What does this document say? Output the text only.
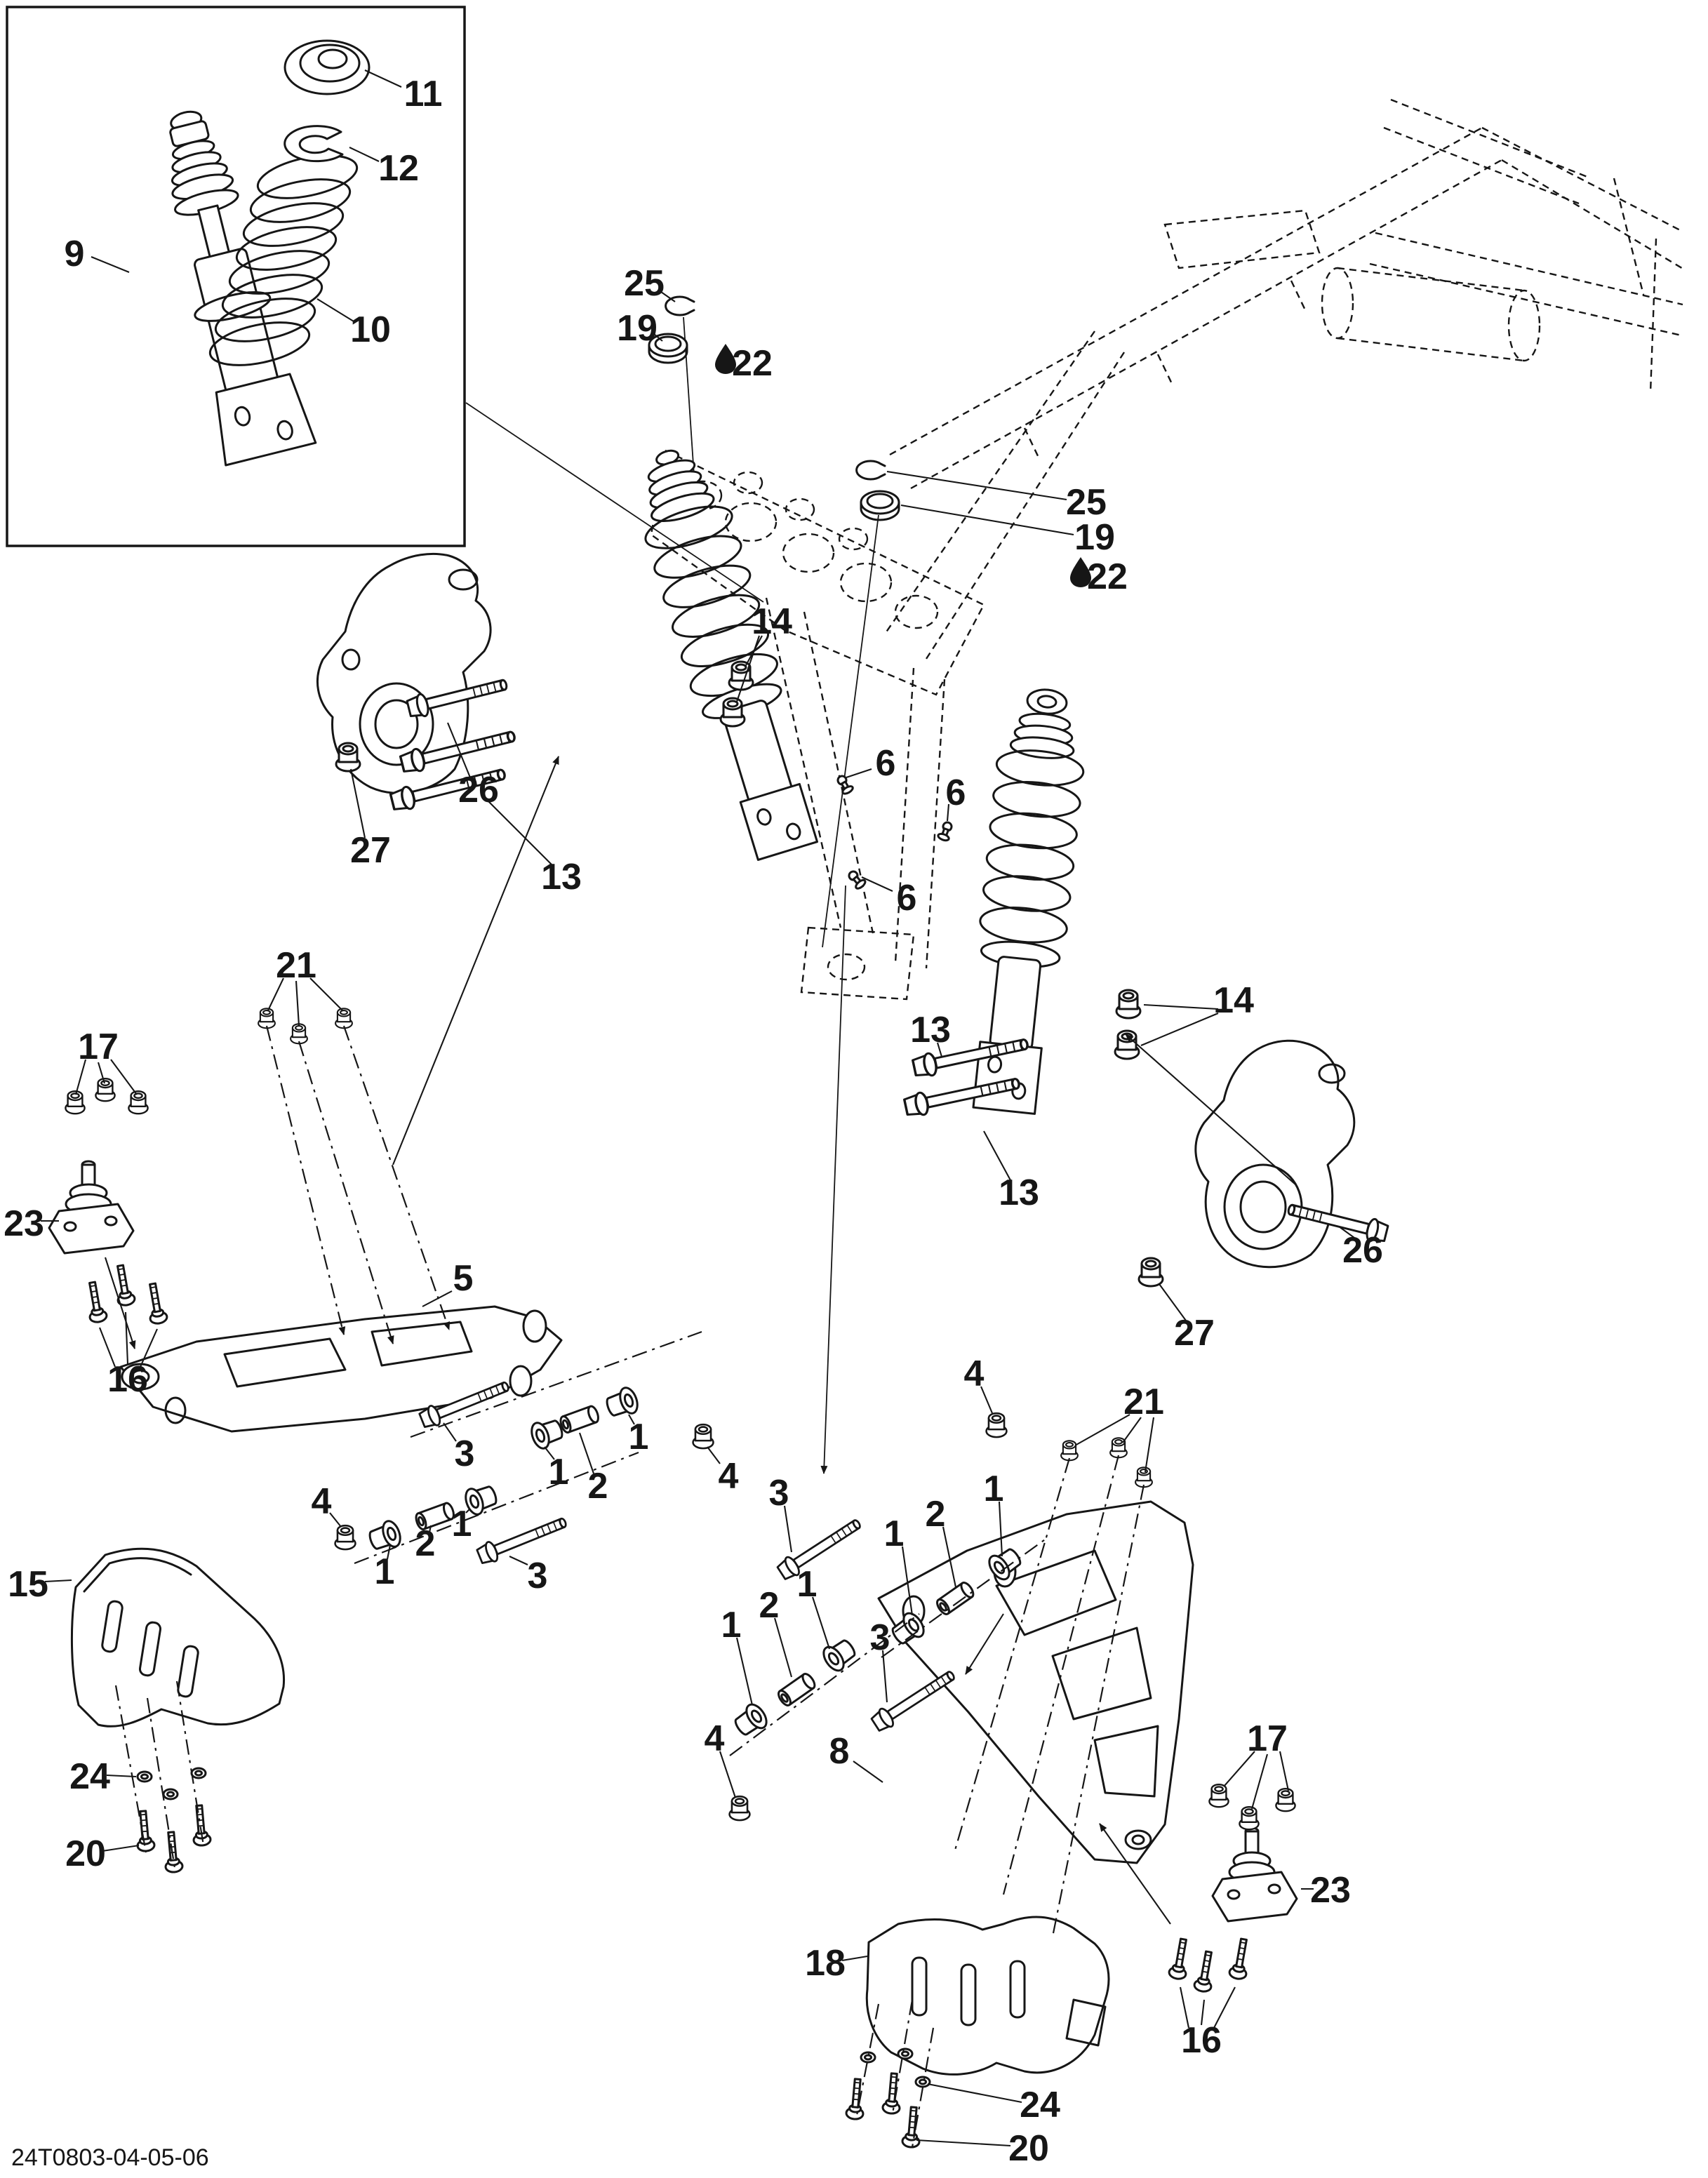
9
10
11
12
25
19
22
25
19
22
14
26
27
13
6
6
6
13
13
14
26
27
21
17
23
16
5
3 1 2
1
4
4
1
2 1
3
15
24
20
4
21
1
2
1
3
1
2
1	3
4	8	17
23
16
18
24
20
24T0803-04-05-06
